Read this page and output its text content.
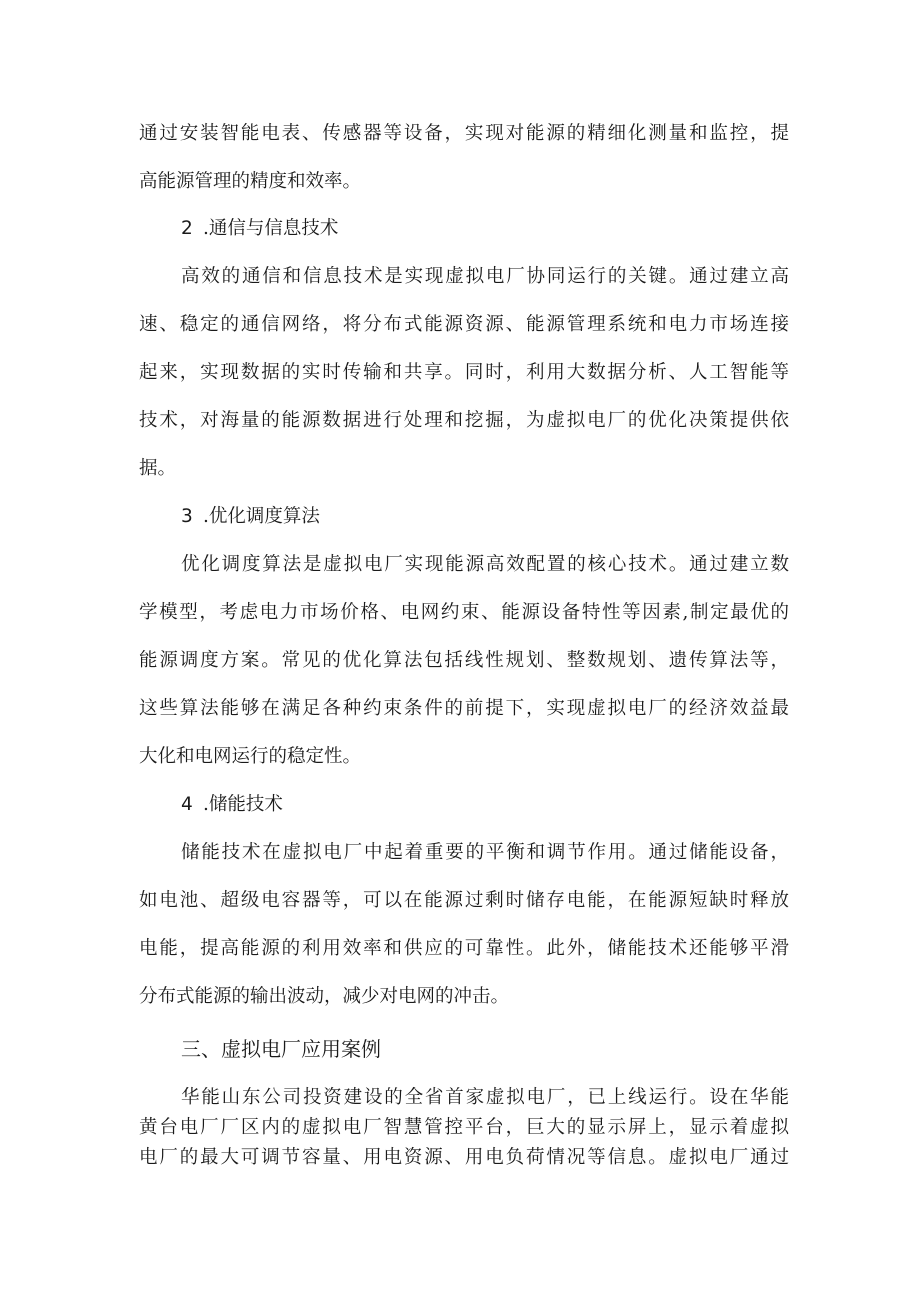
通过安装智能电表、传感器等设备，实现对能源的精细化测量和监控，提
高能源管理的精度和效率。
2 .通信与信息技术
高效的通信和信息技术是实现虚拟电厂协同运行的关键。通过建立高
速、稳定的通信网络，将分布式能源资源、能源管理系统和电力市场连接
起来，实现数据的实时传输和共享。同时，利用大数据分析、人工智能等
技术，对海量的能源数据进行处理和挖掘，为虚拟电厂的优化决策提供依
据。
3 .优化调度算法
优化调度算法是虚拟电厂实现能源高效配置的核心技术。通过建立数
学模型，考虑电力市场价格、电网约束、能源设备特性等因素,制定最优的
能源调度方案。常见的优化算法包括线性规划、整数规划、遗传算法等，
这些算法能够在满足各种约束条件的前提下，实现虚拟电厂的经济效益最
大化和电网运行的稳定性。
4 .储能技术
储能技术在虚拟电厂中起着重要的平衡和调节作用。通过储能设备，
如电池、超级电容器等，可以在能源过剩时储存电能，在能源短缺时释放
电能，提高能源的利用效率和供应的可靠性。此外，储能技术还能够平滑
分布式能源的输出波动，减少对电网的冲击。
三、虚拟电厂应用案例
华能山东公司投资建设的全省首家虚拟电厂，已上线运行。设在华能
黄台电厂厂区内的虚拟电厂智慧管控平台，巨大的显示屏上，显示着虚拟
电厂的最大可调节容量、用电资源、用电负荷情况等信息。虚拟电厂通过
